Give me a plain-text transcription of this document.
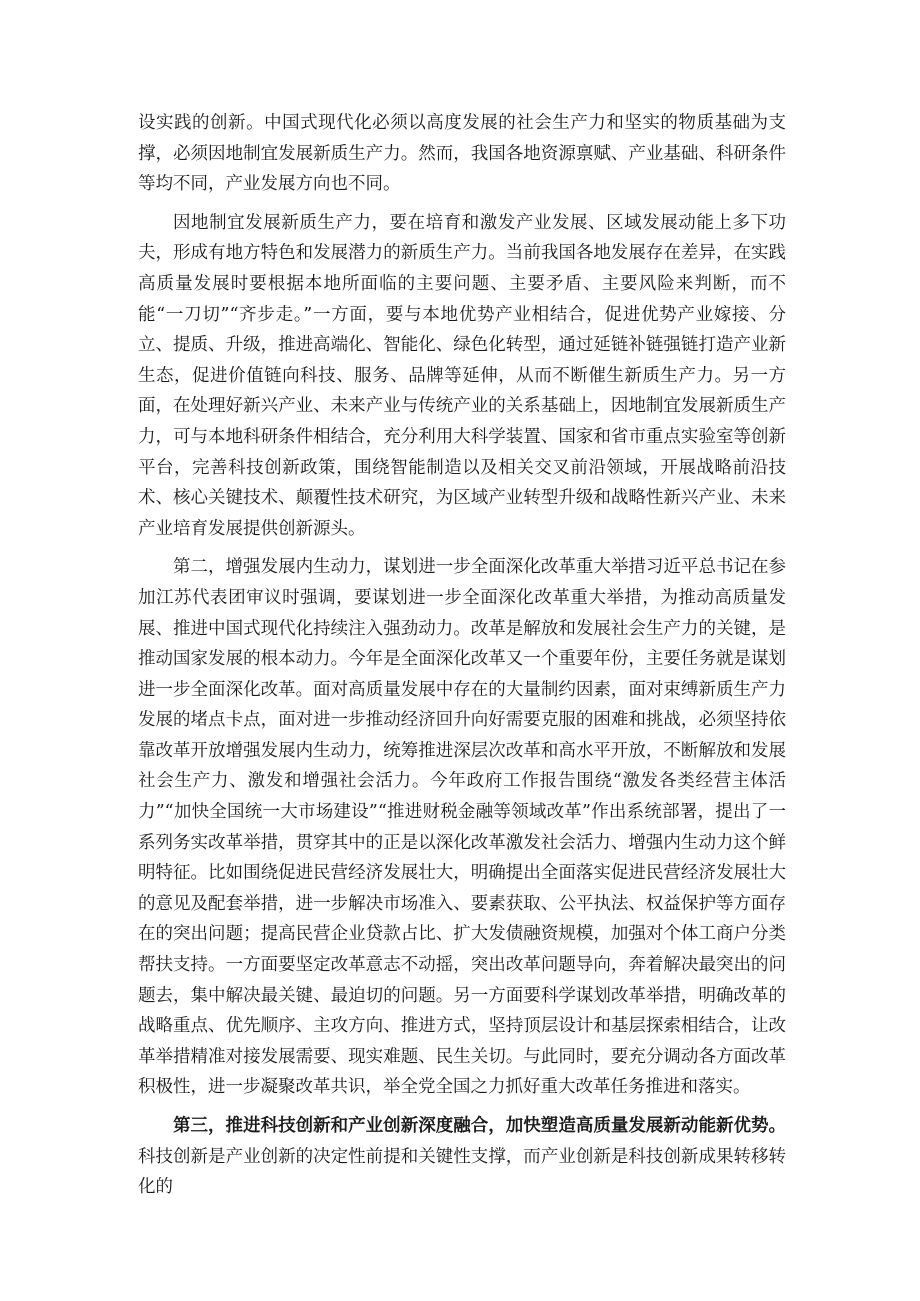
设实践的创新。中国式现代化必须以高度发展的社会生产力和坚实的物质基础为支撑，必须因地制宜发展新质生产力。然而，我国各地资源禀赋、产业基础、科研条件等均不同，产业发展方向也不同。

因地制宜发展新质生产力，要在培育和激发产业发展、区域发展动能上多下功夫，形成有地方特色和发展潜力的新质生产力。当前我国各地发展存在差异，在实践高质量发展时要根据本地所面临的主要问题、主要矛盾、主要风险来判断，而不能“一刀切”“齐步走。”一方面，要与本地优势产业相结合，促进优势产业嫁接、分立、提质、升级，推进高端化、智能化、绿色化转型，通过延链补链强链打造产业新生态，促进价值链向科技、服务、品牌等延伸，从而不断催生新质生产力。另一方面，在处理好新兴产业、未来产业与传统产业的关系基础上，因地制宜发展新质生产力，可与本地科研条件相结合，充分利用大科学装置、国家和省市重点实验室等创新平台，完善科技创新政策，围绕智能制造以及相关交叉前沿领域，开展战略前沿技术、核心关键技术、颠覆性技术研究，为区域产业转型升级和战略性新兴产业、未来产业培育发展提供创新源头。

第二，增强发展内生动力，谋划进一步全面深化改革重大举措习近平总书记在参加江苏代表团审议时强调，要谋划进一步全面深化改革重大举措，为推动高质量发展、推进中国式现代化持续注入强劲动力。改革是解放和发展社会生产力的关键，是推动国家发展的根本动力。今年是全面深化改革又一个重要年份，主要任务就是谋划进一步全面深化改革。面对高质量发展中存在的大量制约因素，面对束缚新质生产力发展的堵点卡点，面对进一步推动经济回升向好需要克服的困难和挑战，必须坚持依靠改革开放增强发展内生动力，统筹推进深层次改革和高水平开放，不断解放和发展社会生产力、激发和增强社会活力。今年政府工作报告围绕“激发各类经营主体活力”“加快全国统一大市场建设”“推进财税金融等领域改革”作出系统部署，提出了一系列务实改革举措，贯穿其中的正是以深化改革激发社会活力、增强内生动力这个鲜明特征。比如围绕促进民营经济发展壮大，明确提出全面落实促进民营经济发展壮大的意见及配套举措，进一步解决市场准入、要素获取、公平执法、权益保护等方面存在的突出问题；提高民营企业贷款占比、扩大发债融资规模，加强对个体工商户分类帮扶支持。一方面要坚定改革意志不动摇，突出改革问题导向，奔着解决最突出的问题去，集中解决最关键、最迫切的问题。另一方面要科学谋划改革举措，明确改革的战略重点、优先顺序、主攻方向、推进方式，坚持顶层设计和基层探索相结合，让改革举措精准对接发展需要、现实难题、民生关切。与此同时，要充分调动各方面改革积极性，进一步凝聚改革共识，举全党全国之力抓好重大改革任务推进和落实。

第三，推进科技创新和产业创新深度融合，加快塑造高质量发展新动能新优势。科技创新是产业创新的决定性前提和关键性支撑，而产业创新是科技创新成果转移转化的
